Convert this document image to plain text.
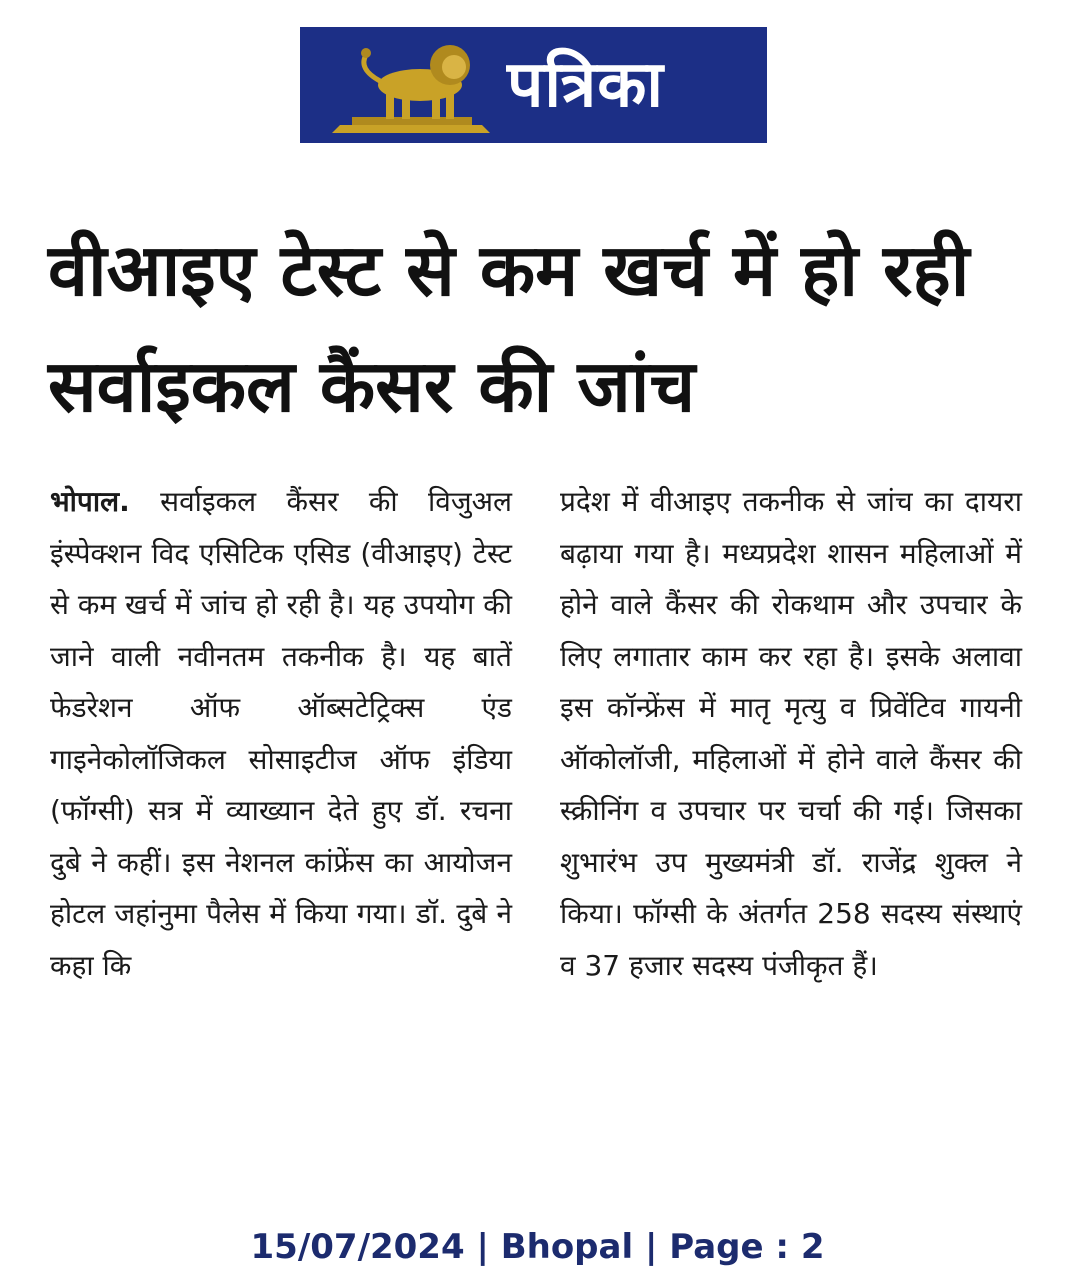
पत्रिका
वीआइए टेस्ट से कम खर्च में हो रही सर्वाइकल कैंसर की जांच

भोपाल. सर्वाइकल कैंसर की विजुअल इंस्पेक्शन विद एसिटिक एसिड (वीआइए) टेस्ट से कम खर्च में जांच हो रही है। यह उपयोग की जाने वाली नवीनतम तकनीक है। यह बातें फेडरेशन ऑफ ऑब्सटेट्रिक्स एंड गाइनेकोलॉजिकल सोसाइटीज ऑफ इंडिया (फॉग्सी) सत्र में व्याख्यान देते हुए डॉ. रचना दुबे ने कहीं। इस नेशनल कांफ्रेंस का आयोजन होटल जहांनुमा पैलेस में किया गया। डॉ. दुबे ने कहा कि

प्रदेश में वीआइए तकनीक से जांच का दायरा बढ़ाया गया है। मध्यप्रदेश शासन महिलाओं में होने वाले कैंसर की रोकथाम और उपचार के लिए लगातार काम कर रहा है। इसके अलावा इस कॉन्फ्रेंस में मातृ मृत्यु व प्रिवेंटिव गायनी ऑकोलॉजी, महिलाओं में होने वाले कैंसर की स्क्रीनिंग व उपचार पर चर्चा की गई। जिसका शुभारंभ उप मुख्यमंत्री डॉ. राजेंद्र शुक्ल ने किया। फॉग्सी के अंतर्गत 258 सदस्य संस्थाएं व 37 हजार सदस्य पंजीकृत हैं।

15/07/2024 | Bhopal | Page : 2
